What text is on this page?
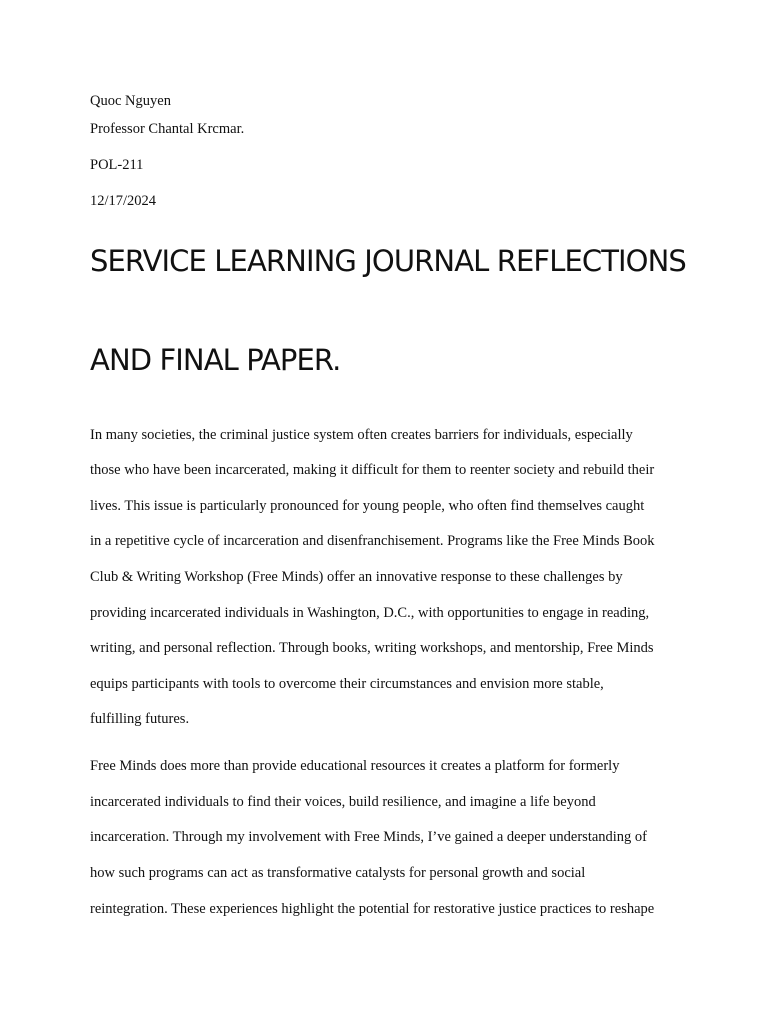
Quoc Nguyen
Professor Chantal Krcmar.
POL-211
12/17/2024
SERVICE LEARNING JOURNAL REFLECTIONS
AND FINAL PAPER.
In many societies, the criminal justice system often creates barriers for individuals, especially
those who have been incarcerated, making it difficult for them to reenter society and rebuild their
lives. This issue is particularly pronounced for young people, who often find themselves caught
in a repetitive cycle of incarceration and disenfranchisement. Programs like the Free Minds Book
Club & Writing Workshop (Free Minds) offer an innovative response to these challenges by
providing incarcerated individuals in Washington, D.C., with opportunities to engage in reading,
writing, and personal reflection. Through books, writing workshops, and mentorship, Free Minds
equips participants with tools to overcome their circumstances and envision more stable,
fulfilling futures.
Free Minds does more than provide educational resources it creates a platform for formerly
incarcerated individuals to find their voices, build resilience, and imagine a life beyond
incarceration. Through my involvement with Free Minds, I’ve gained a deeper understanding of
how such programs can act as transformative catalysts for personal growth and social
reintegration. These experiences highlight the potential for restorative justice practices to reshape
